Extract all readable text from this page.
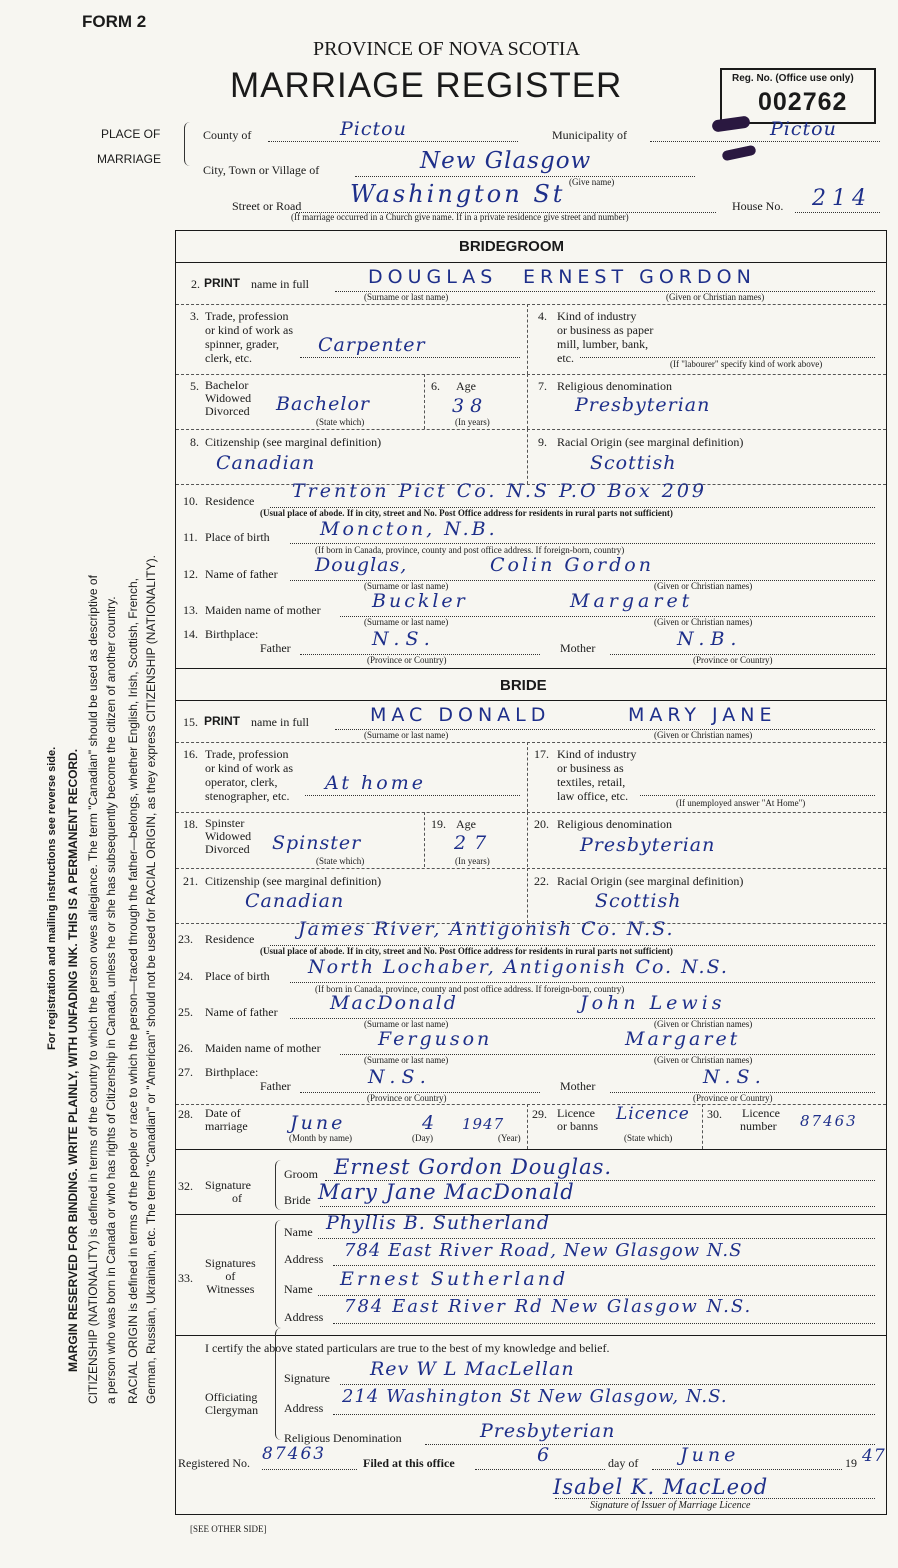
FORM 2
PROVINCE OF NOVA SCOTIA
MARRIAGE REGISTER	Reg. No. (Office use only)
002762
For registration and mailing instructions see reverse side. MARGIN RESERVED FOR BINDING. WRITE PLAINLY, WITH UNFADING INK. THIS IS A PERMANENT RECORD. CITIZENSHIP (NATIONALITY) is defined in terms of the country to which the person owes allegiance. The term "Canadian" should be used as descriptive of a person who was born in Canada or who has rights of Citizenship in Canada, unless he or she has subsequently become the citizen of another country. RACIAL ORIGIN is defined in terms of the people or race to which the person—traced through the father—belongs, whether English, Irish, Scottish, French, German, Russian, Ukrainian, etc. The terms "Canadian" or "American" should not be used for RACIAL ORIGIN, as they express CITIZENSHIP (NATIONALITY).
PLACE OF
MARRIAGE
County of	Pictou	Municipality of	Pictou
City, Town or Village of	New Glasgow
(Give name)
Street or Road Washington St	House No. 214
(If marriage occurred in a Church give name. If in a private residence give street and number)
BRIDEGROOM
2. PRINT name in full	DOUGLAS ERNEST GORDON
(Surname or last name)	(Given or Christian names)
3. Trade, profession
or kind of work as
spinner, grader,
clerk, etc.
Carpenter
4. Kind of industry
or business as paper
mill, lumber, bank,
etc.	(If "labourer" specify kind of work above)
5. Bachelor
Widowed
Divorced Bachelor
(State which)
6. Age
38
(In years)
7. Religious denomination
Presbyterian
8. Citizenship (see marginal definition)
Canadian
9. Racial Origin (see marginal definition)
Scottish
10. Residence Trenton Pict Co. N.S P.O Box 209
(Usual place of abode. If in city, street and No. Post Office address for residents in rural parts not sufficient)
11. Place of birth	Moncton, N.B.
(If born in Canada, province, county and post office address. If foreign-born, country)
12. Name of father Douglas,	Colin Gordon
(Surname or last name)	(Given or Christian names)
13. Maiden name of mother	Buckler	Margaret
(Surname or last name)	(Given or Christian names)
14. Birthplace:
Father	N.S.
(Province or Country)
Mother	N.B.
(Province or Country)
BRIDE
15. PRINT name in full	MAC DONALD	MARY JANE
(Surname or last name)	(Given or Christian names)
16. Trade, profession
or kind of work as
operator, clerk,
stenographer, etc.
At home
17. Kind of industry
or business as
textiles, retail,
law office, etc.	(If unemployed answer "At Home")
18. Spinster
Widowed
Divorced Spinster
(State which)
19. Age
27
(In years)
20. Religious denomination
Presbyterian
21. Citizenship (see marginal definition)
Canadian
22. Racial Origin (see marginal definition)
Scottish
23. Residence James River, Antigonish Co. N.S.
(Usual place of abode. If in city, street and No. Post Office address for residents in rural parts not sufficient)
24. Place of birth North Lochaber, Antigonish Co. N.S.
(If born in Canada, province, county and post office address. If foreign-born, country)
25. Name of father	MacDonald	John Lewis
(Surname or last name)	(Given or Christian names)
26. Maiden name of mother	Ferguson	Margaret
(Surname or last name)	(Given or Christian names)
27. Birthplace:
Father	N.S.
(Province or Country)
Mother	N.S.
(Province or Country)
28. Date of
marriage June	4 1947
(Month by name)	(Day)	(Year)
29. Licence
or banns
Licence
(State which)
30. Licence
number 87463
32. Signature
of
Groom Ernest Gordon Douglas.
Bride Mary Jane MacDonald
33.
Signatures
of
Witnesses
Name Phyllis B. Sutherland
Address 784 East River Road, New Glasgow N.S
Name Ernest Sutherland
Address 784 East River Rd New Glasgow N.S.
I certify the above stated particulars are true to the best of my knowledge and belief.
Signature Rev W L MacLellan
Officiating
Clergyman Address
214 Washington St New Glasgow, N.S.
Religious Denomination	Presbyterian
Registered No. 87463	Filed at this office	6	day of June	19 47
Isabel K. MacLeod
Signature of Issuer of Marriage Licence
[SEE OTHER SIDE]
